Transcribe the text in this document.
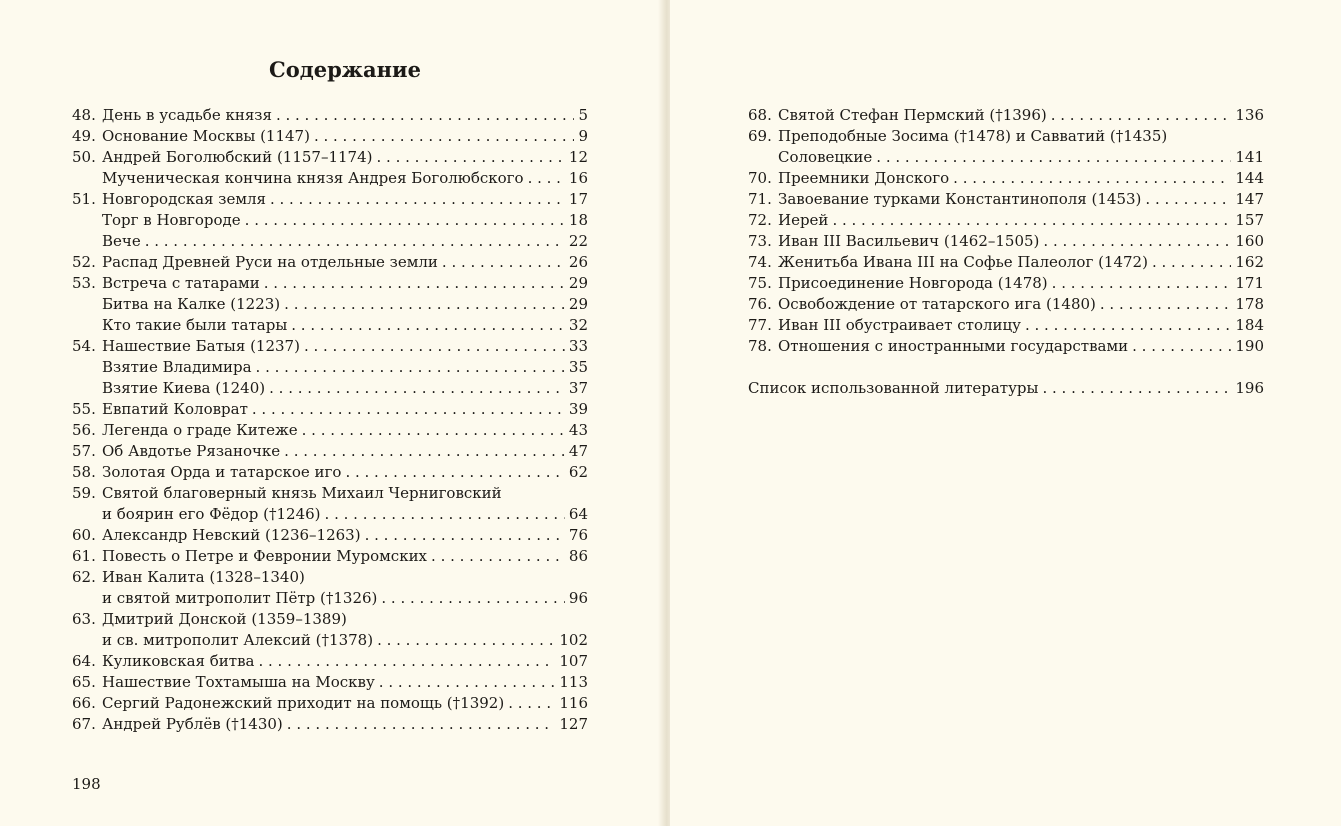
Содержание
48. День в усадьбе князя . . .	5
49. Основание Москвы (1147) . . .	9
50. Андрей Боголюбский (1157–1174) . . .	12
Мученическая кончина князя Андрея Боголюбского . . .	16
51. Новгородская земля . . .	17
Торг в Новгороде . . .	18
Вече . . .	22
52. Распад Древней Руси на отдельные земли . . .	26
53. Встреча с татарами . . .	29
Битва на Калке (1223) . . .	29
Кто такие были татары . . .	32
54. Нашествие Батыя (1237) . . .	33
Взятие Владимира . . .	35
Взятие Киева (1240) . . .	37
55. Евпатий Коловрат . . .	39
56. Легенда о граде Китеже . . .	43
57. Об Авдотье Рязаночке . . .	47
58. Золотая Орда и татарское иго . . .	62
59. Святой благоверный князь Михаил Черниговский
и боярин его Фёдор (†1246) . . .	64
60. Александр Невский (1236–1263) . . .	76
61. Повесть о Петре и Февронии Муромских . . .	86
62. Иван Калита (1328–1340)
и святой митрополит Пётр (†1326) . . .	96
63. Дмитрий Донской (1359–1389)
и св. митрополит Алексий (†1378) . . .	102
64. Куликовская битва . . .	107
65. Нашествие Тохтамыша на Москву . . .	113
66. Сергий Радонежский приходит на помощь (†1392) . . .	116
67. Андрей Рублёв (†1430) . . .	127
198
68. Святой Стефан Пермский (†1396) . . .	136
69. Преподобные Зосима (†1478) и Савватий (†1435)
Соловецкие . . .	141
70. Преемники Донского . . .	144
71. Завоевание турками Константинополя (1453) . . .	147
72. Иерей . . .	157
73. Иван III Васильевич (1462–1505) . . .	160
74. Женитьба Ивана III на Софье Палеолог (1472) . . .	162
75. Присоединение Новгорода (1478) . . .	171
76. Освобождение от татарского ига (1480) . . .	178
77. Иван III обустраивает столицу . . .	184
78. Отношения с иностранными государствами . . .	190
Список использованной литературы . . .	196
